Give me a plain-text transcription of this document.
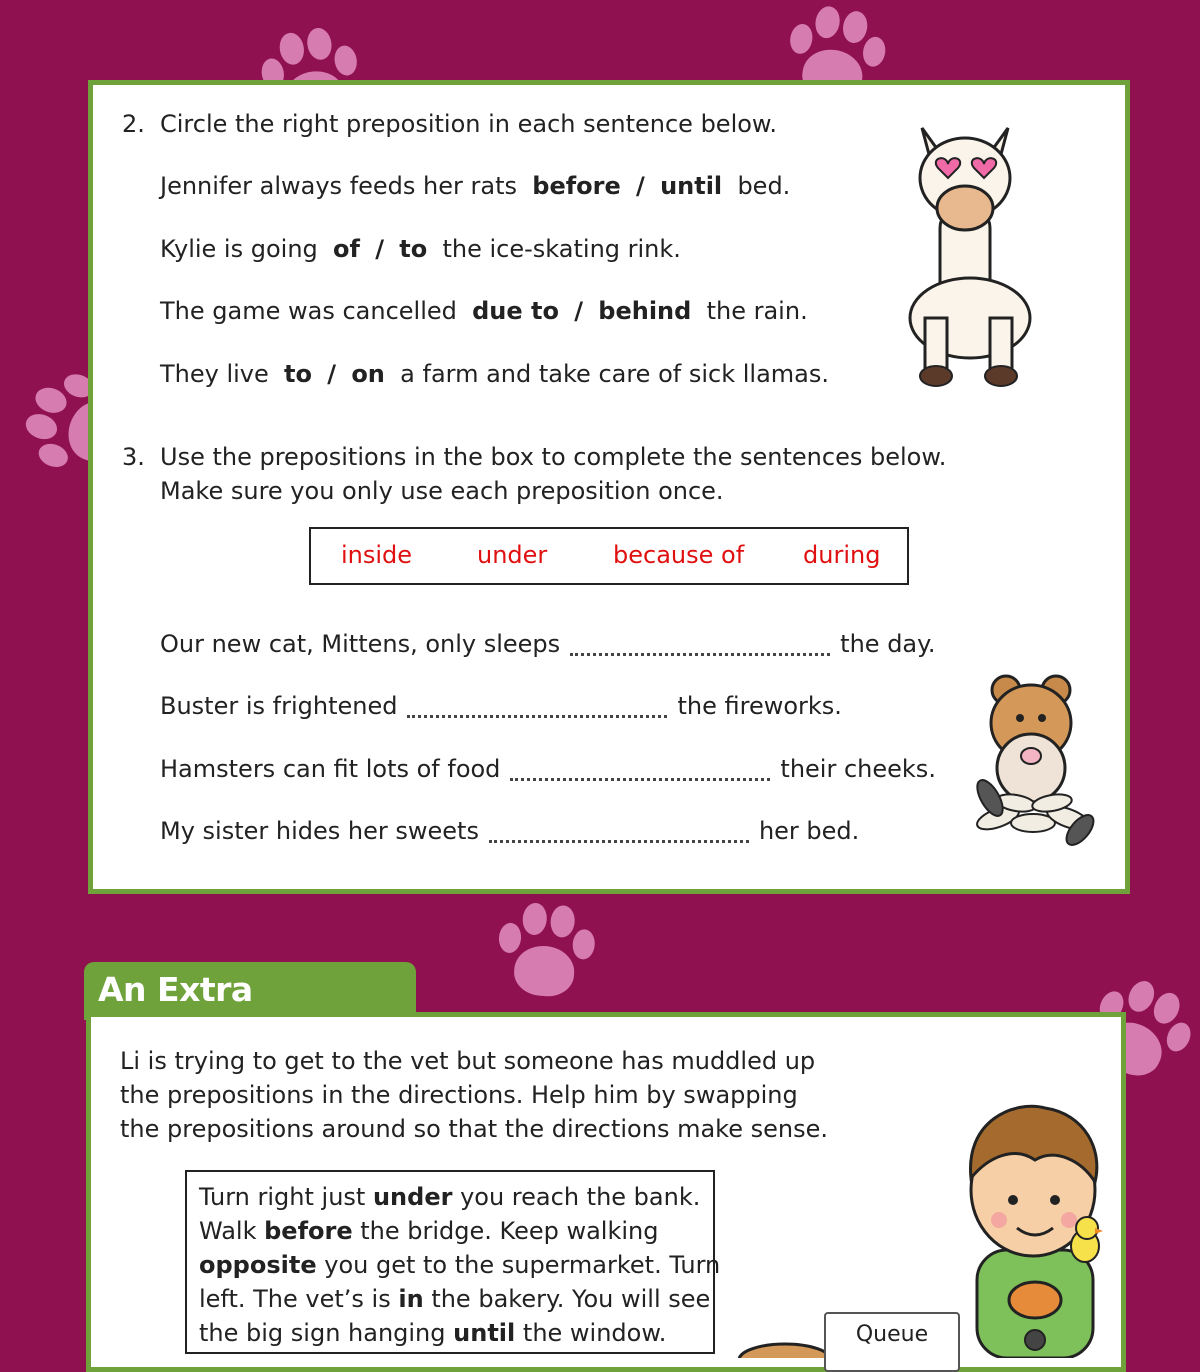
2. Circle the right preposition in each sentence below.
Jennifer always feeds her rats before / until bed.
Kylie is going of / to the ice-skating rink.
The game was cancelled due to / behind the rain.
They live to / on a farm and take care of sick llamas.
3. Use the prepositions in the box to complete the sentences below.
Make sure you only use each preposition once.
inside	under	because of during
Our new cat, Mittens, only sleeps	the day.
Buster is frightened	the fireworks.
Hamsters can fit lots of food	their cheeks.
My sister hides her sweets	her bed.
An Extra
Li is trying to get to the vet but someone has muddled up
the prepositions in the directions. Help him by swapping
the prepositions around so that the directions make sense.
Turn right just under you reach the bank.
Walk before the bridge. Keep walking
opposite you get to the supermarket. Turn
left. The vet’s is in the bakery. You will see
the big sign hanging until the window.	Queue
